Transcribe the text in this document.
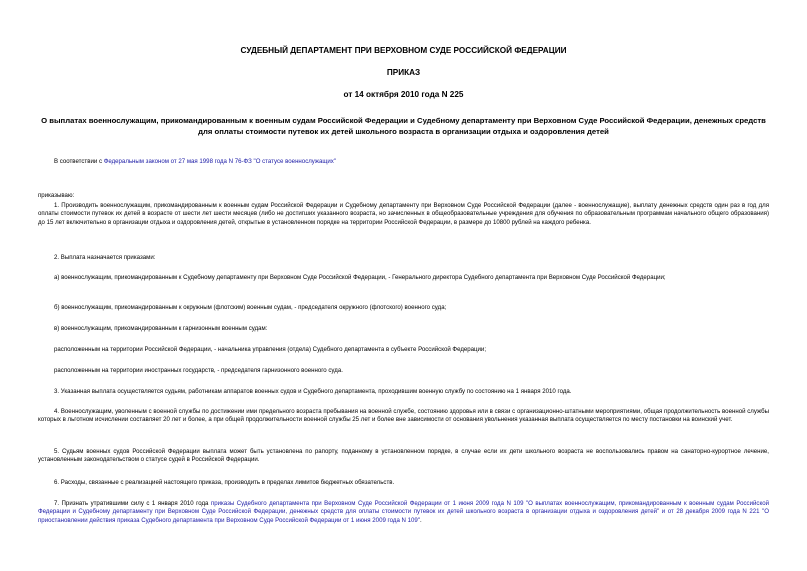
СУДЕБНЫЙ ДЕПАРТАМЕНТ ПРИ ВЕРХОВНОМ СУДЕ РОССИЙСКОЙ ФЕДЕРАЦИИ
ПРИКАЗ
от 14 октября 2010 года N 225
О выплатах военнослужащим, прикомандированным к военным судам Российской Федерации и Судебному департаменту при Верховном Суде Российской Федерации, денежных средств для оплаты стоимости путевок их детей школьного возраста в организации отдыха и оздоровления детей
В соответствии с Федеральным законом от 27 мая 1998 года N 76-ФЗ "О статусе военнослужащих"
приказываю:
1. Производить военнослужащим, прикомандированным к военным судам Российской Федерации и Судебному департаменту при Верховном Суде Российской Федерации (далее - военнослужащие), выплату денежных средств один раз в год для оплаты стоимости путевок их детей в возрасте от шести лет шести месяцев (либо не достигших указанного возраста, но зачисленных в общеобразовательные учреждения для обучения по образовательным программам начального общего образования) до 15 лет включительно в организации отдыха и оздоровления детей, открытые в установленном порядке на территории Российской Федерации, в размере до 10800 рублей на каждого ребенка.
2. Выплата назначается приказами:
а) военнослужащим, прикомандированным к Судебному департаменту при Верховном Суде Российской Федерации, - Генерального директора Судебного департамента при Верховном Суде Российской Федерации;
б) военнослужащим, прикомандированным к окружным (флотским) военным судам, - председателя окружного (флотского) военного суда;
в) военнослужащим, прикомандированным к гарнизонным военным судам:
расположенным на территории Российской Федерации, - начальника управления (отдела) Судебного департамента в субъекте Российской Федерации;
расположенным на территории иностранных государств, - председателя гарнизонного военного суда.
3. Указанная выплата осуществляется судьям, работникам аппаратов военных судов и Судебного департамента, проходившим военную службу по состоянию на 1 января 2010 года.
4. Военнослужащим, уволенным с военной службы по достижении ими предельного возраста пребывания на военной службе, состоянию здоровья или в связи с организационно-штатными мероприятиями, общая продолжительность военной службы которых в льготном исчислении составляет 20 лет и более, а при общей продолжительности военной службы 25 лет и более вне зависимости от основания увольнения указанная выплата осуществляется по месту постановки на воинский учет.
5. Судьям военных судов Российской Федерации выплата может быть установлена по рапорту, поданному в установленном порядке, в случае если их дети школьного возраста не воспользовались правом на санаторно-курортное лечение, установленным законодательством о статусе судей в Российской Федерации.
6. Расходы, связанные с реализацией настоящего приказа, производить в пределах лимитов бюджетных обязательств.
7. Признать утратившими силу с 1 января 2010 года приказы Судебного департамента при Верховном Суде Российской Федерации от 1 июня 2009 года N 109 "О выплатах военнослужащим, прикомандированным к военным судам Российской Федерации и Судебному департаменту при Верховном Суде Российской Федерации, денежных средств для оплаты стоимости путевок их детей школьного возраста в организации отдыха и оздоровления детей" и от 28 декабря 2009 года N 221 "О приостановлении действия приказа Судебного департамента при Верховном Суде Российской Федерации от 1 июня 2009 года N 109".
